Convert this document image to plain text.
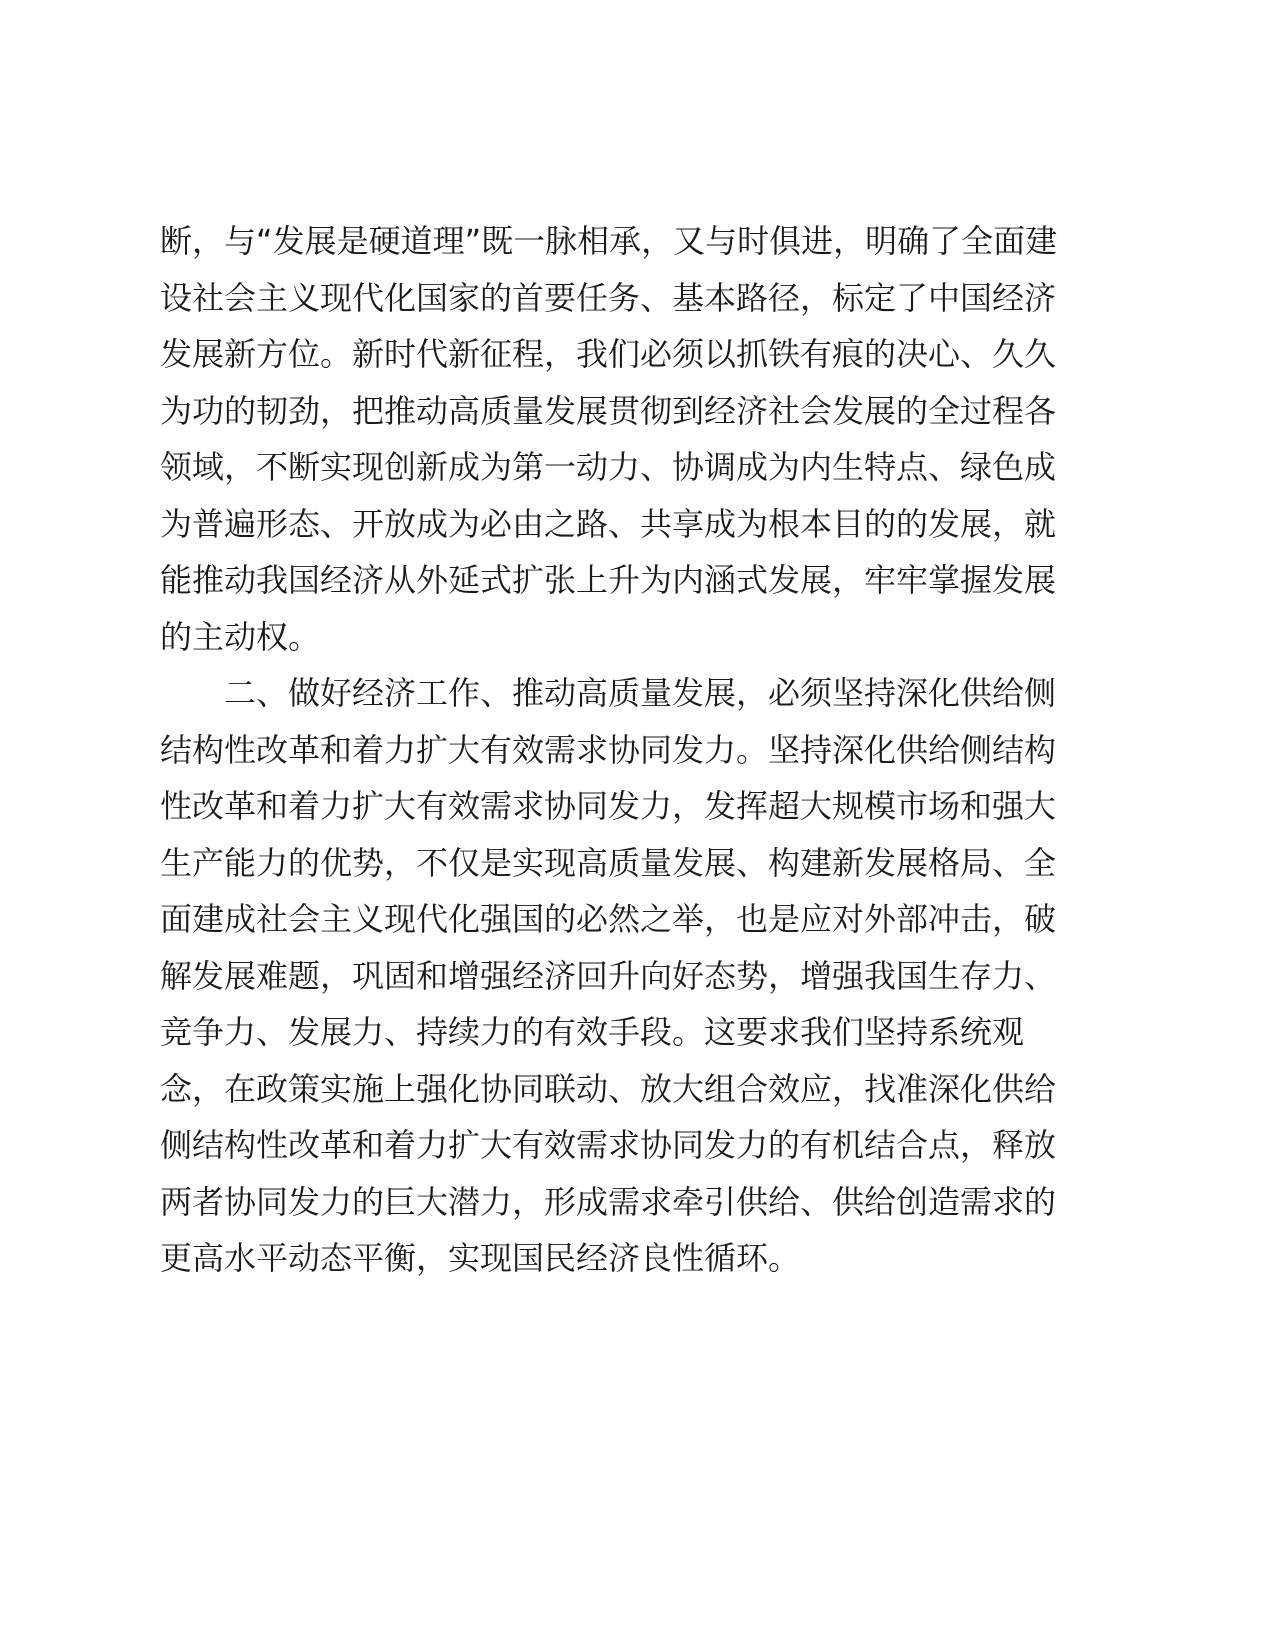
断，与“发展是硬道理”既一脉相承，又与时俱进，明确了全面建
设社会主义现代化国家的首要任务、基本路径，标定了中国经济
发展新方位。新时代新征程，我们必须以抓铁有痕的决心、久久
为功的韧劲，把推动高质量发展贯彻到经济社会发展的全过程各
领域，不断实现创新成为第一动力、协调成为内生特点、绿色成
为普遍形态、开放成为必由之路、共享成为根本目的的发展，就
能推动我国经济从外延式扩张上升为内涵式发展，牢牢掌握发展
的主动权。
二、做好经济工作、推动高质量发展，必须坚持深化供给侧
结构性改革和着力扩大有效需求协同发力。坚持深化供给侧结构
性改革和着力扩大有效需求协同发力，发挥超大规模市场和强大
生产能力的优势，不仅是实现高质量发展、构建新发展格局、全
面建成社会主义现代化强国的必然之举，也是应对外部冲击，破
解发展难题，巩固和增强经济回升向好态势，增强我国生存力、
竞争力、发展力、持续力的有效手段。这要求我们坚持系统观
念，在政策实施上强化协同联动、放大组合效应，找准深化供给
侧结构性改革和着力扩大有效需求协同发力的有机结合点，释放
两者协同发力的巨大潜力，形成需求牵引供给、供给创造需求的
更高水平动态平衡，实现国民经济良性循环。
